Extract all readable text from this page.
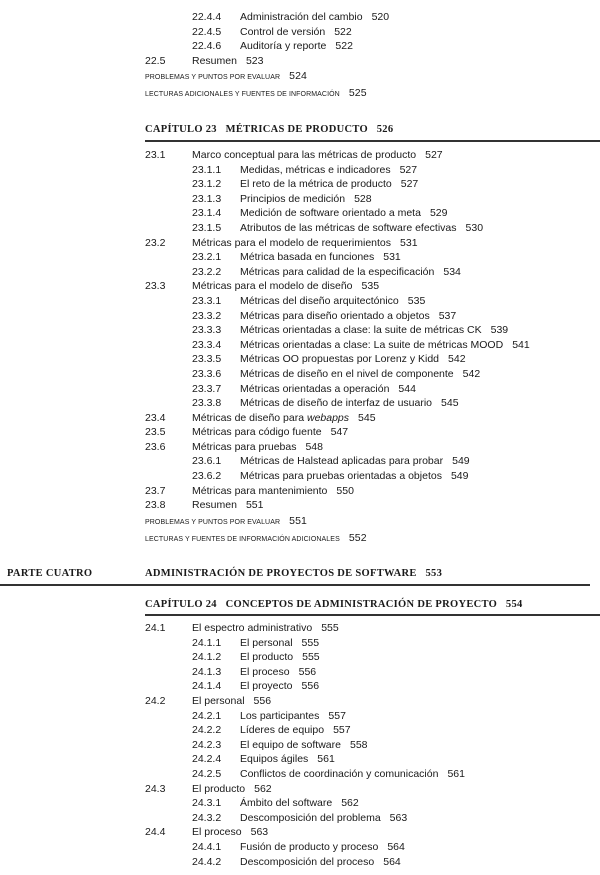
22.4.4 Administración del cambio 520
22.4.5 Control de versión 522
22.4.6 Auditoría y reporte 522
22.5	Resumen 523
PROBLEMAS Y PUNTOS POR EVALUAR 524
LECTURAS ADICIONALES Y FUENTES DE INFORMACIÓN 525
CAPÍTULO 23   MÉTRICAS DE PRODUCTO   526
23.1	Marco conceptual para las métricas de producto 527
23.1.1 Medidas, métricas e indicadores 527
23.1.2 El reto de la métrica de producto 527
23.1.3 Principios de medición 528
23.1.4 Medición de software orientado a meta 529
23.1.5 Atributos de las métricas de software efectivas 530
23.2	Métricas para el modelo de requerimientos 531
23.2.1 Métrica basada en funciones 531
23.2.2 Métricas para calidad de la especificación 534
23.3	Métricas para el modelo de diseño 535
23.3.1 Métricas del diseño arquitectónico 535
23.3.2 Métricas para diseño orientado a objetos 537
23.3.3 Métricas orientadas a clase: la suite de métricas CK 539
23.3.4 Métricas orientadas a clase: La suite de métricas MOOD 541
23.3.5 Métricas OO propuestas por Lorenz y Kidd 542
23.3.6 Métricas de diseño en el nivel de componente 542
23.3.7 Métricas orientadas a operación 544
23.3.8 Métricas de diseño de interfaz de usuario 545
23.4	Métricas de diseño para webapps 545
23.5	Métricas para código fuente 547
23.6	Métricas para pruebas 548
23.6.1 Métricas de Halstead aplicadas para probar 549
23.6.2 Métricas para pruebas orientadas a objetos 549
23.7	Métricas para mantenimiento 550
23.8	Resumen 551
PROBLEMAS Y PUNTOS POR EVALUAR 551
LECTURAS Y FUENTES DE INFORMACIÓN ADICIONALES 552
PARTE CUATRO	ADMINISTRACIÓN DE PROYECTOS DE SOFTWARE   553
CAPÍTULO 24   CONCEPTOS DE ADMINISTRACIÓN DE PROYECTO   554
24.1	El espectro administrativo 555
24.1.1 El personal 555
24.1.2 El producto 555
24.1.3 El proceso 556
24.1.4 El proyecto 556
24.2	El personal 556
24.2.1 Los participantes 557
24.2.2 Líderes de equipo 557
24.2.3 El equipo de software 558
24.2.4 Equipos ágiles 561
24.2.5 Conflictos de coordinación y comunicación 561
24.3	El producto 562
24.3.1 Ámbito del software 562
24.3.2 Descomposición del problema 563
24.4	El proceso 563
24.4.1 Fusión de producto y proceso 564
24.4.2 Descomposición del proceso 564
